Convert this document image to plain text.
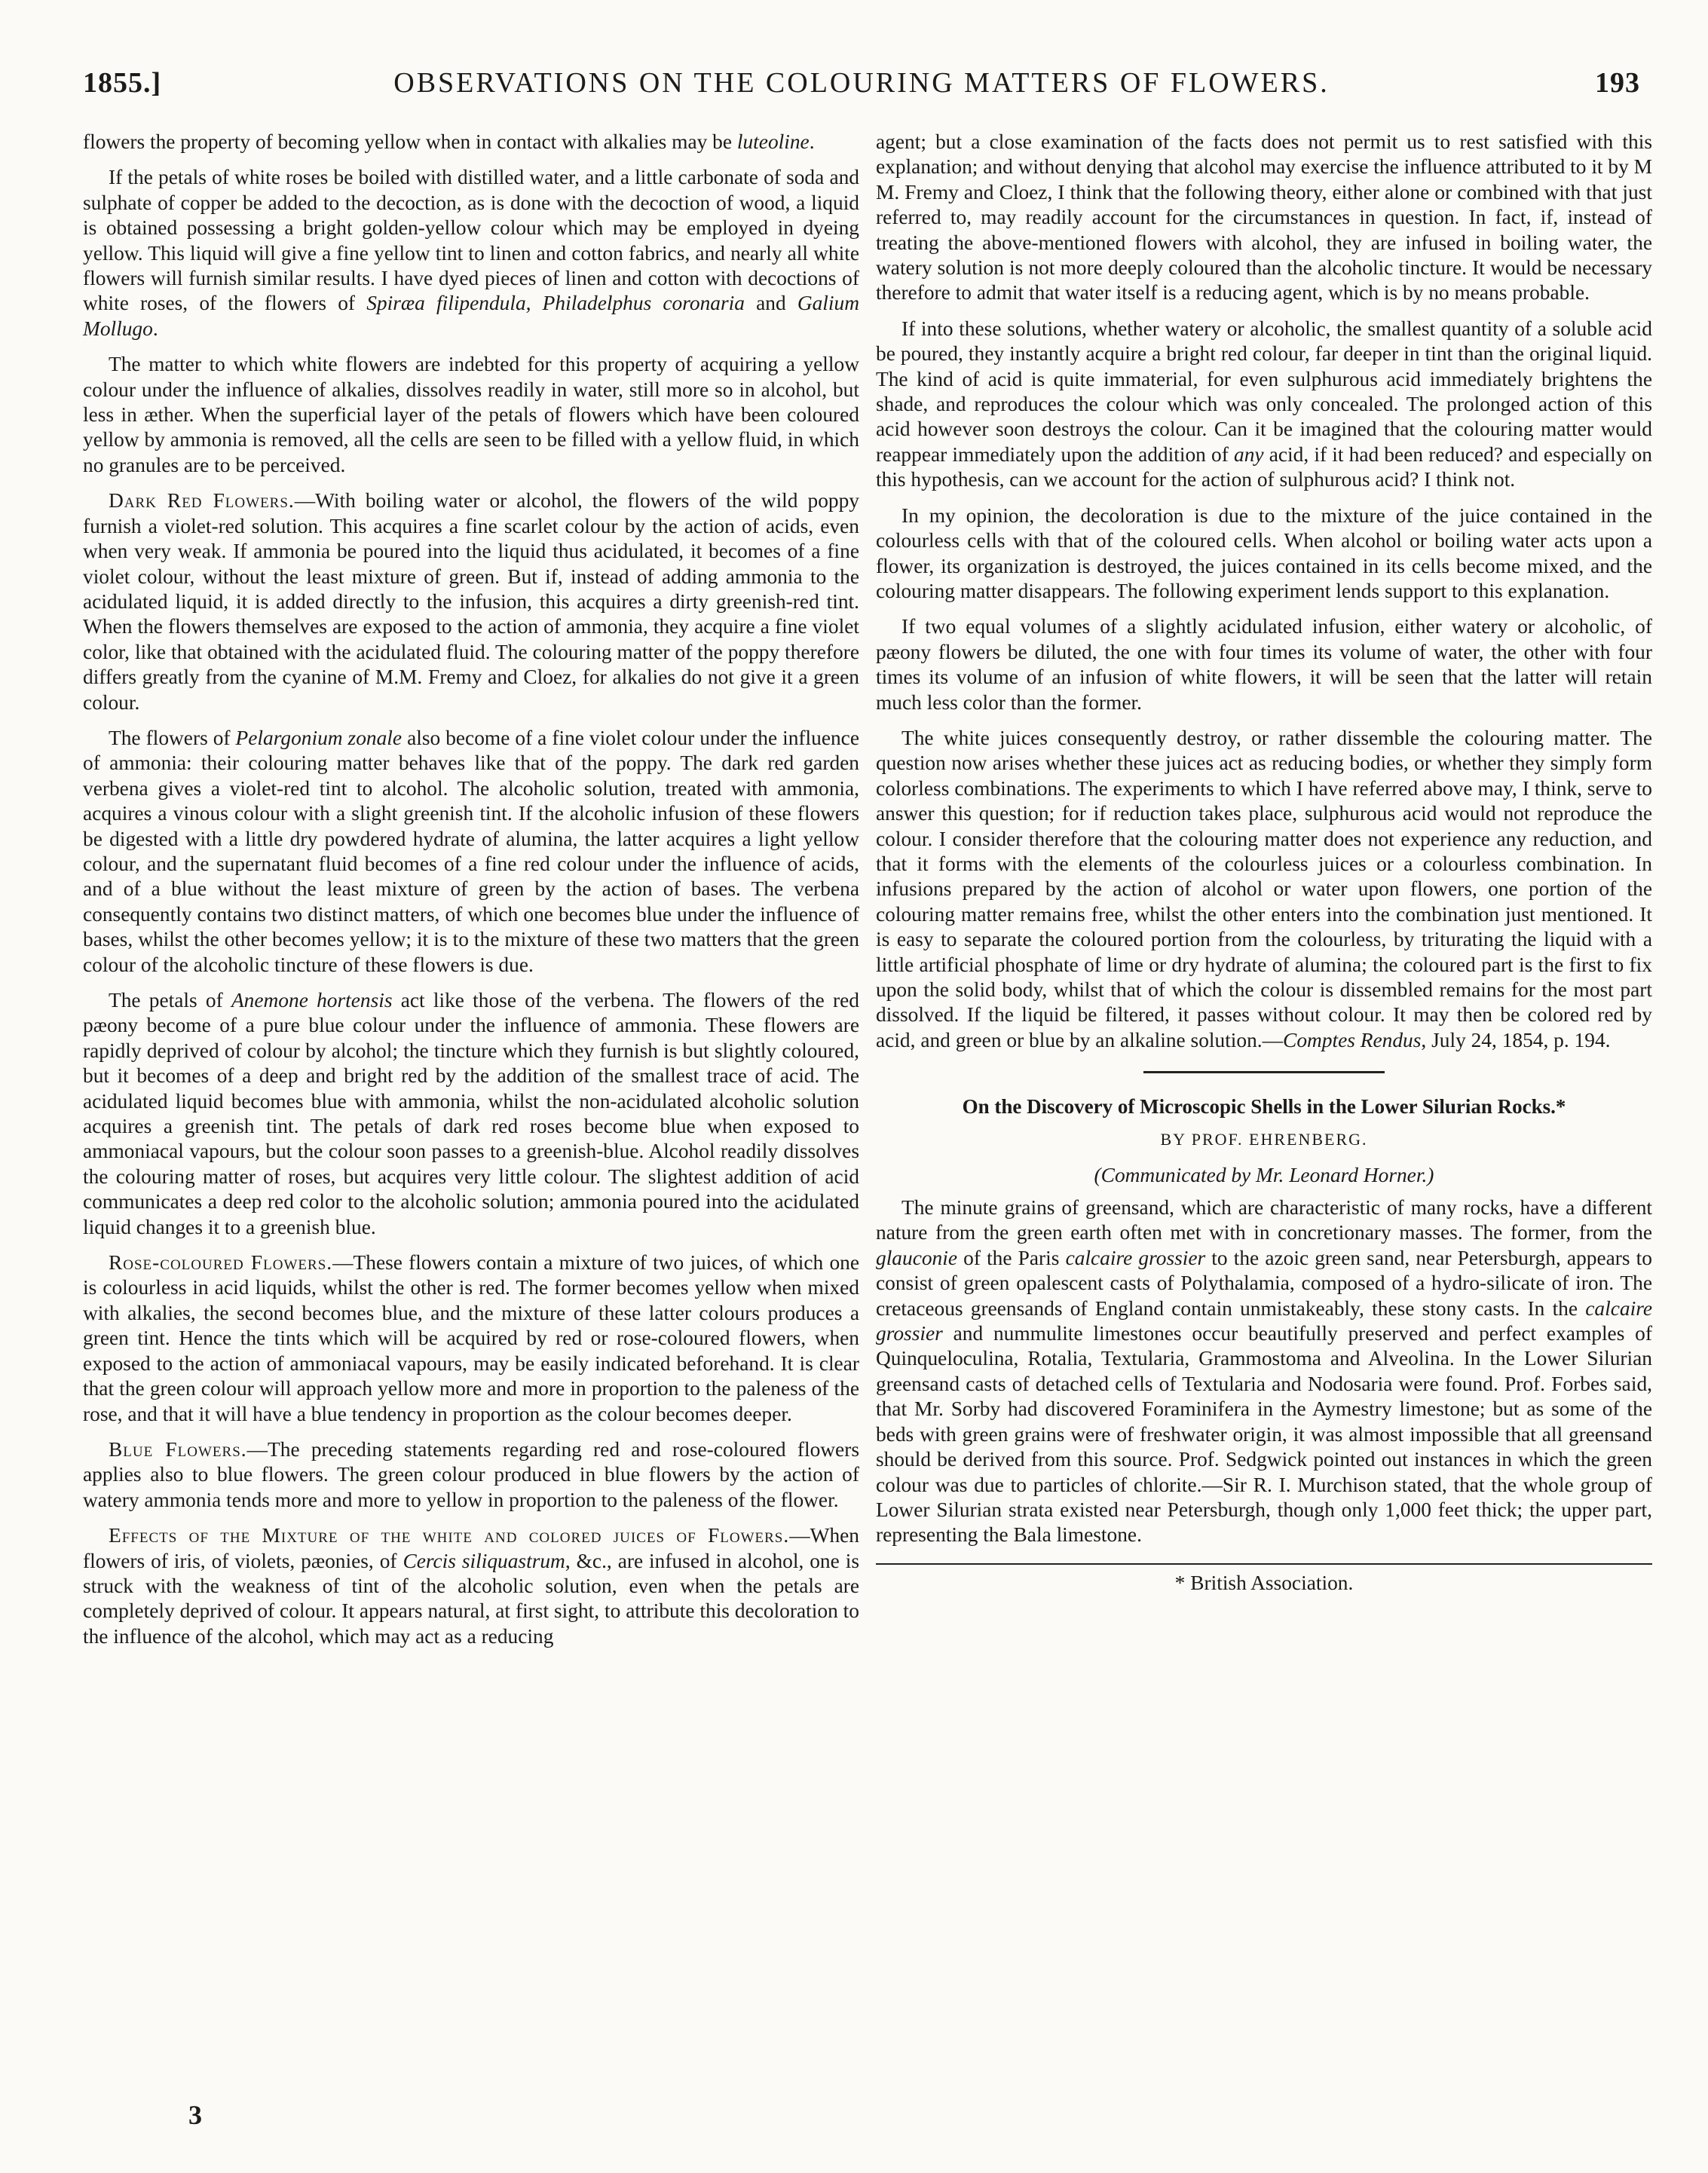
1855.]	OBSERVATIONS ON THE COLOURING MATTERS OF FLOWERS.	193

flowers the property of becoming yellow when in contact with alkalies may be luteoline.

If the petals of white roses be boiled with distilled water, and a little carbonate of soda and sulphate of copper be added to the decoction, as is done with the decoction of wood, a liquid is obtained possessing a bright golden-yellow colour which may be employed in dyeing yellow. This liquid will give a fine yellow tint to linen and cotton fabrics, and nearly all white flowers will furnish similar results. I have dyed pieces of linen and cotton with decoctions of white roses, of the flowers of Spiræa filipendula, Philadelphus coronaria and Galium Mollugo.

The matter to which white flowers are indebted for this property of acquiring a yellow colour under the influence of alkalies, dissolves readily in water, still more so in alcohol, but less in æther. When the superficial layer of the petals of flowers which have been coloured yellow by ammonia is removed, all the cells are seen to be filled with a yellow fluid, in which no granules are to be perceived.

Dark Red Flowers.—With boiling water or alcohol, the flowers of the wild poppy furnish a violet-red solution. This acquires a fine scarlet colour by the action of acids, even when very weak. If ammonia be poured into the liquid thus acidulated, it becomes of a fine violet colour, without the least mixture of green. But if, instead of adding ammonia to the acidulated liquid, it is added directly to the infusion, this acquires a dirty greenish-red tint. When the flowers themselves are exposed to the action of ammonia, they acquire a fine violet color, like that obtained with the acidulated fluid. The colouring matter of the poppy therefore differs greatly from the cyanine of M.M. Fremy and Cloez, for alkalies do not give it a green colour.

The flowers of Pelargonium zonale also become of a fine violet colour under the influence of ammonia: their colouring matter behaves like that of the poppy. The dark red garden verbena gives a violet-red tint to alcohol. The alcoholic solution, treated with ammonia, acquires a vinous colour with a slight greenish tint. If the alcoholic infusion of these flowers be digested with a little dry powdered hydrate of alumina, the latter acquires a light yellow colour, and the supernatant fluid becomes of a fine red colour under the influence of acids, and of a blue without the least mixture of green by the action of bases. The verbena consequently contains two distinct matters, of which one becomes blue under the influence of bases, whilst the other becomes yellow; it is to the mixture of these two matters that the green colour of the alcoholic tincture of these flowers is due.

The petals of Anemone hortensis act like those of the verbena. The flowers of the red pæony become of a pure blue colour under the influence of ammonia. These flowers are rapidly deprived of colour by alcohol; the tincture which they furnish is but slightly coloured, but it becomes of a deep and bright red by the addition of the smallest trace of acid. The acidulated liquid becomes blue with ammonia, whilst the non-acidulated alcoholic solution acquires a greenish tint. The petals of dark red roses become blue when exposed to ammoniacal vapours, but the colour soon passes to a greenish-blue. Alcohol readily dissolves the colouring matter of roses, but acquires very little colour. The slightest addition of acid communicates a deep red color to the alcoholic solution; ammonia poured into the acidulated liquid changes it to a greenish blue.

Rose-coloured Flowers.—These flowers contain a mixture of two juices, of which one is colourless in acid liquids, whilst the other is red. The former becomes yellow when mixed with alkalies, the second becomes blue, and the mixture of these latter colours produces a green tint. Hence the tints which will be acquired by red or rose-coloured flowers, when exposed to the action of ammoniacal vapours, may be easily indicated beforehand. It is clear that the green colour will approach yellow more and more in proportion to the paleness of the rose, and that it will have a blue tendency in proportion as the colour becomes deeper.

Blue Flowers.—The preceding statements regarding red and rose-coloured flowers applies also to blue flowers. The green colour produced in blue flowers by the action of watery ammonia tends more and more to yellow in proportion to the paleness of the flower.

Effects of the Mixture of the white and colored juices of Flowers.—When flowers of iris, of violets, pæonies, of Cercis siliquastrum, &c., are infused in alcohol, one is struck with the weakness of tint of the alcoholic solution, even when the petals are completely deprived of colour. It appears natural, at first sight, to attribute this decoloration to the influence of the alcohol, which may act as a reducing

agent; but a close examination of the facts does not permit us to rest satisfied with this explanation; and without denying that alcohol may exercise the influence attributed to it by M M. Fremy and Cloez, I think that the following theory, either alone or combined with that just referred to, may readily account for the circumstances in question. In fact, if, instead of treating the above-mentioned flowers with alcohol, they are infused in boiling water, the watery solution is not more deeply coloured than the alcoholic tincture. It would be necessary therefore to admit that water itself is a reducing agent, which is by no means probable.

If into these solutions, whether watery or alcoholic, the smallest quantity of a soluble acid be poured, they instantly acquire a bright red colour, far deeper in tint than the original liquid. The kind of acid is quite immaterial, for even sulphurous acid immediately brightens the shade, and reproduces the colour which was only concealed. The prolonged action of this acid however soon destroys the colour. Can it be imagined that the colouring matter would reappear immediately upon the addition of any acid, if it had been reduced? and especially on this hypothesis, can we account for the action of sulphurous acid? I think not.

In my opinion, the decoloration is due to the mixture of the juice contained in the colourless cells with that of the coloured cells. When alcohol or boiling water acts upon a flower, its organization is destroyed, the juices contained in its cells become mixed, and the colouring matter disappears. The following experiment lends support to this explanation.

If two equal volumes of a slightly acidulated infusion, either watery or alcoholic, of pæony flowers be diluted, the one with four times its volume of water, the other with four times its volume of an infusion of white flowers, it will be seen that the latter will retain much less color than the former.

The white juices consequently destroy, or rather dissemble the colouring matter. The question now arises whether these juices act as reducing bodies, or whether they simply form colorless combinations. The experiments to which I have referred above may, I think, serve to answer this question; for if reduction takes place, sulphurous acid would not reproduce the colour. I consider therefore that the colouring matter does not experience any reduction, and that it forms with the elements of the colourless juices or a colourless combination. In infusions prepared by the action of alcohol or water upon flowers, one portion of the colouring matter remains free, whilst the other enters into the combination just mentioned. It is easy to separate the coloured portion from the colourless, by triturating the liquid with a little artificial phosphate of lime or dry hydrate of alumina; the coloured part is the first to fix upon the solid body, whilst that of which the colour is dissembled remains for the most part dissolved. If the liquid be filtered, it passes without colour. It may then be colored red by acid, and green or blue by an alkaline solution.—Comptes Rendus, July 24, 1854, p. 194.

On the Discovery of Microscopic Shells in the Lower Silurian Rocks.*
BY PROF. EHRENBERG.
(Communicated by Mr. Leonard Horner.)

The minute grains of greensand, which are characteristic of many rocks, have a different nature from the green earth often met with in concretionary masses. The former, from the glauconie of the Paris calcaire grossier to the azoic green sand, near Petersburgh, appears to consist of green opalescent casts of Polythalamia, composed of a hydro-silicate of iron. The cretaceous greensands of England contain unmistakeably, these stony casts. In the calcaire grossier and nummulite limestones occur beautifully preserved and perfect examples of Quinqueloculina, Rotalia, Textularia, Grammostoma and Alveolina. In the Lower Silurian greensand casts of detached cells of Textularia and Nodosaria were found. Prof. Forbes said, that Mr. Sorby had discovered Foraminifera in the Aymestry limestone; but as some of the beds with green grains were of freshwater origin, it was almost impossible that all greensand should be derived from this source. Prof. Sedgwick pointed out instances in which the green colour was due to particles of chlorite.—Sir R. I. Murchison stated, that the whole group of Lower Silurian strata existed near Petersburgh, though only 1,000 feet thick; the upper part, representing the Bala limestone.

* British Association.

3
